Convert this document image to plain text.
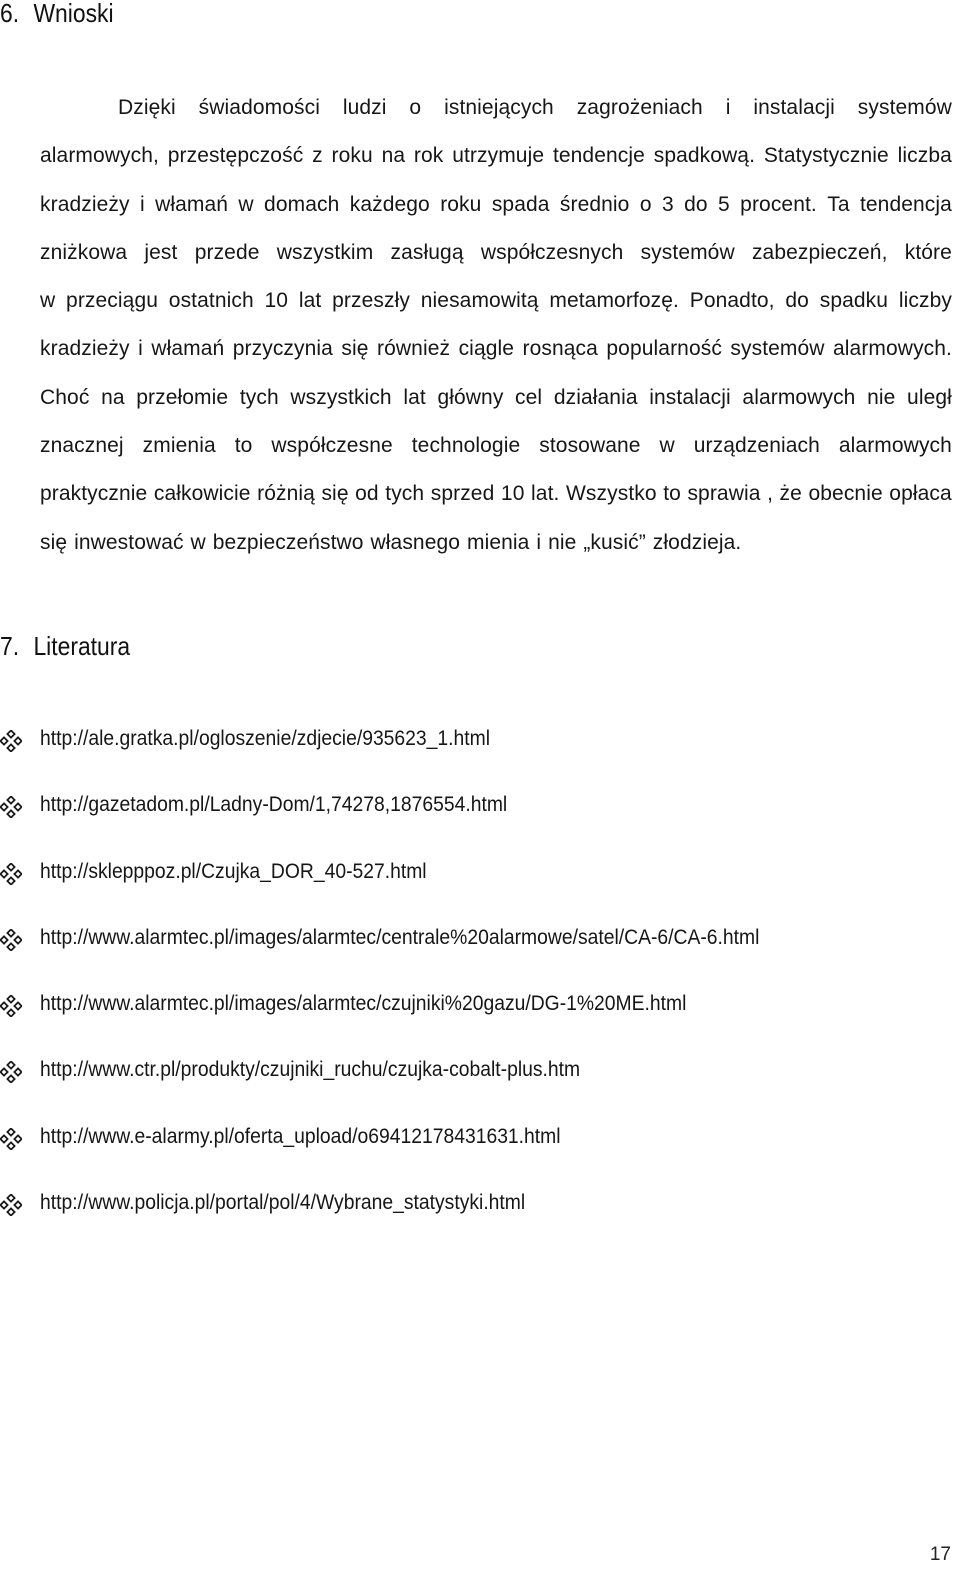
6. Wnioski
Dzięki świadomości ludzi o istniejących zagrożeniach i instalacji systemów
alarmowych, przestępczość z roku na rok utrzymuje tendencje spadkową. Statystycznie liczba
kradzieży i włamań w domach każdego roku spada średnio o 3 do 5 procent. Ta tendencja
zniżkowa jest przede wszystkim zasługą współczesnych systemów zabezpieczeń, które
w przeciągu ostatnich 10 lat przeszły niesamowitą metamorfozę. Ponadto, do spadku liczby
kradzieży i włamań przyczynia się również ciągle rosnąca popularność systemów alarmowych.
Choć na przełomie tych wszystkich lat główny cel działania instalacji alarmowych nie uległ
znacznej zmienia to współczesne technologie stosowane w urządzeniach alarmowych
praktycznie całkowicie różnią się od tych sprzed 10 lat. Wszystko to sprawia , że obecnie opłaca
się inwestować w bezpieczeństwo własnego mienia i nie „kusić” złodzieja.
7. Literatura
http://ale.gratka.pl/ogloszenie/zdjecie/935623_1.html
http://gazetadom.pl/Ladny-Dom/1,74278,1876554.html
http://sklepppoz.pl/Czujka_DOR_40-527.html
http://www.alarmtec.pl/images/alarmtec/centrale%20alarmowe/satel/CA-6/CA-6.html
http://www.alarmtec.pl/images/alarmtec/czujniki%20gazu/DG-1%20ME.html
http://www.ctr.pl/produkty/czujniki_ruchu/czujka-cobalt-plus.htm
http://www.e-alarmy.pl/oferta_upload/o69412178431631.html
http://www.policja.pl/portal/pol/4/Wybrane_statystyki.html
17
